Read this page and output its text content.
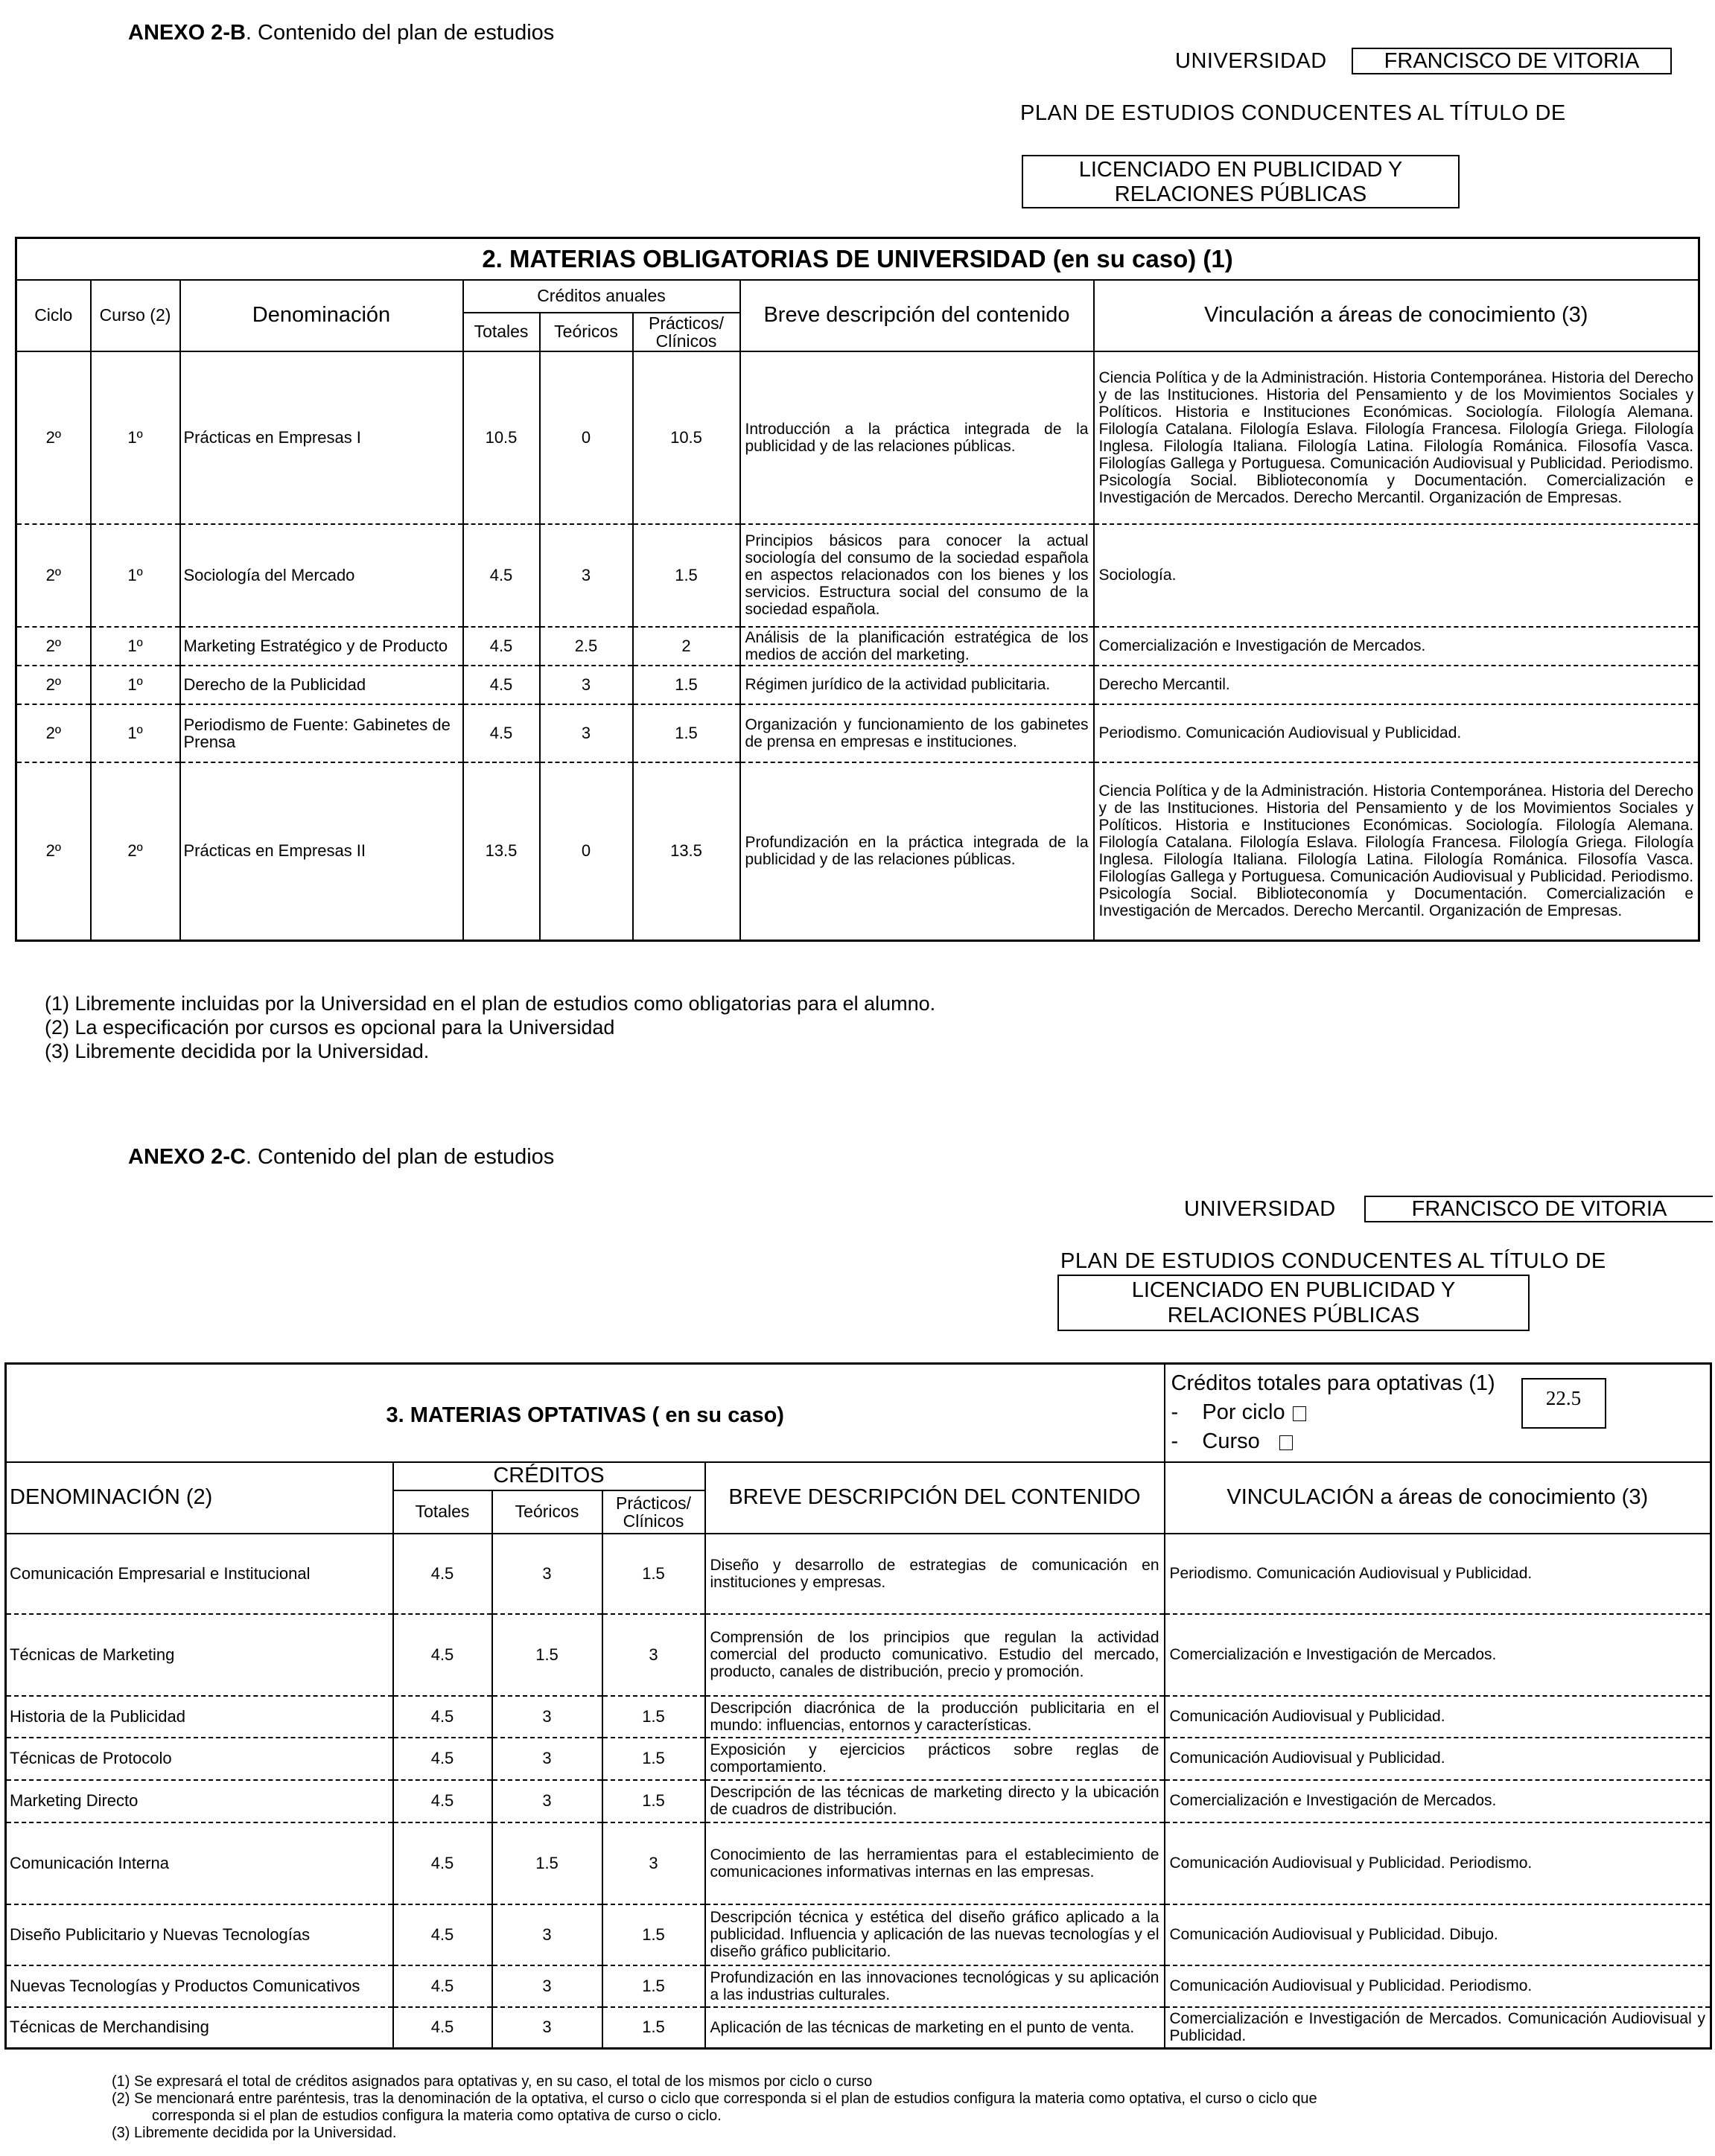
ANEXO 2-B. Contenido del plan de estudios
UNIVERSIDAD	FRANCISCO DE VITORIA
PLAN DE ESTUDIOS CONDUCENTES AL TÍTULO DE
LICENCIADO EN PUBLICIDAD Y
RELACIONES PÚBLICAS
2. MATERIAS OBLIGATORIAS DE UNIVERSIDAD (en su caso) (1)							
Ciclo	Curso (2)	Denominación	Créditos anuales			Breve descripción del contenido	Vinculación a áreas de conocimiento (3)
			Totales	Teóricos	Prácticos/
Clínicos		

2º	1º	Prácticas en Empresas I	10.5	0	10.5	Introducción a la práctica integrada de la publicidad y de las relaciones públicas.	Ciencia Política y de la Administración. Historia Contemporánea. Historia del Derecho y de las Instituciones. Historia del Pensamiento y de los Movimientos Sociales y Políticos. Historia e Instituciones Económicas. Sociología. Filología Alemana. Filología Catalana. Filología Eslava. Filología Francesa. Filología Griega. Filología Inglesa. Filología Italiana. Filología Latina. Filología Románica. Filosofía Vasca. Filologías Gallega y Portuguesa. Comunicación Audiovisual y Publicidad. Periodismo. Psicología Social. Biblioteconomía y Documentación. Comercialización e Investigación de Mercados. Derecho Mercantil. Organización de Empresas.
2º	1º	Sociología del Mercado	4.5	3	1.5	Principios básicos para conocer la actual sociología del consumo de la sociedad española en aspectos relacionados con los bienes y los servicios. Estructura social del consumo de la sociedad española.	Sociología.
2º	1º	Marketing Estratégico y de Producto	4.5	2.5	2	Análisis de la planificación estratégica de los medios de acción del marketing.	Comercialización e Investigación de Mercados.
2º	1º	Derecho de la Publicidad	4.5	3	1.5	Régimen jurídico de la actividad publicitaria.	Derecho Mercantil.
2º	1º	Periodismo de Fuente: Gabinetes de Prensa	4.5	3	1.5	Organización y funcionamiento de los gabinetes de prensa en empresas e instituciones.	Periodismo. Comunicación Audiovisual y Publicidad.
2º	2º	Prácticas en Empresas II	13.5	0	13.5	Profundización en la práctica integrada de la publicidad y de las relaciones públicas.	Ciencia Política y de la Administración. Historia Contemporánea. Historia del Derecho y de las Instituciones. Historia del Pensamiento y de los Movimientos Sociales y Políticos. Historia e Instituciones Económicas. Sociología. Filología Alemana. Filología Catalana. Filología Eslava. Filología Francesa. Filología Griega. Filología Inglesa. Filología Italiana. Filología Latina. Filología Románica. Filosofía Vasca. Filologías Gallega y Portuguesa. Comunicación Audiovisual y Publicidad. Periodismo. Psicología Social. Biblioteconomía y Documentación. Comercialización e Investigación de Mercados. Derecho Mercantil. Organización de Empresas.
(1) Libremente incluidas por la Universidad en el plan de estudios como obligatorias para el alumno.
(2) La especificación por cursos es opcional para la Universidad
(3) Libremente decidida por la Universidad.
ANEXO 2-C. Contenido del plan de estudios
UNIVERSIDAD	FRANCISCO DE VITORIA
PLAN DE ESTUDIOS CONDUCENTES AL TÍTULO DE
LICENCIADO EN PUBLICIDAD Y
RELACIONES PÚBLICAS
3. MATERIAS OPTATIVAS ( en su caso)					Créditos totales para optativas (1)
-    Por ciclo
-    Curso
22.5

DENOMINACIÓN (2)	CRÉDITOS			BREVE DESCRIPCIÓN DEL CONTENIDO	VINCULACIÓN a áreas de conocimiento (3)
	Totales	Teóricos	Prácticos/
Clínicos		

Comunicación Empresarial e Institucional	4.5	3	1.5	Diseño y desarrollo de estrategias de comunicación en instituciones y empresas.	Periodismo. Comunicación Audiovisual y Publicidad.
Técnicas de Marketing	4.5	1.5	3	Comprensión de los principios que regulan la actividad comercial del producto comunicativo. Estudio del mercado, producto, canales de distribución, precio y promoción.	Comercialización e Investigación de Mercados.
Historia de la Publicidad	4.5	3	1.5	Descripción diacrónica de la producción publicitaria en el mundo: influencias, entornos y características.	Comunicación Audiovisual y Publicidad.
Técnicas de Protocolo	4.5	3	1.5	Exposición y ejercicios prácticos sobre reglas de comportamiento.	Comunicación Audiovisual y Publicidad.
Marketing Directo	4.5	3	1.5	Descripción de las técnicas de marketing directo y la ubicación de cuadros de distribución.	Comercialización e Investigación de Mercados.
Comunicación Interna	4.5	1.5	3	Conocimiento de las herramientas para el establecimiento de comunicaciones informativas internas en las empresas.	Comunicación Audiovisual y Publicidad. Periodismo.
Diseño Publicitario y Nuevas Tecnologías	4.5	3	1.5	Descripción técnica y estética del diseño gráfico aplicado a la publicidad. Influencia y aplicación de las nuevas tecnologías y el diseño gráfico publicitario.	Comunicación Audiovisual y Publicidad. Dibujo.
Nuevas Tecnologías y Productos Comunicativos	4.5	3	1.5	Profundización en las innovaciones tecnológicas y su aplicación a las industrias culturales.	Comunicación Audiovisual y Publicidad. Periodismo.
Técnicas de Merchandising	4.5	3	1.5	Aplicación de las técnicas de marketing en el punto de venta.	Comercialización e Investigación de Mercados. Comunicación Audiovisual y Publicidad.
(1) Se expresará el total de créditos asignados para optativas y, en su caso, el total de los mismos por ciclo o curso
(2) Se mencionará entre paréntesis, tras la denominación de la optativa, el curso o ciclo que corresponda si el plan de estudios configura la materia como optativa, el curso o ciclo que
corresponda si el plan de estudios configura la materia como optativa de curso o ciclo.
(3) Libremente decidida por la Universidad.
